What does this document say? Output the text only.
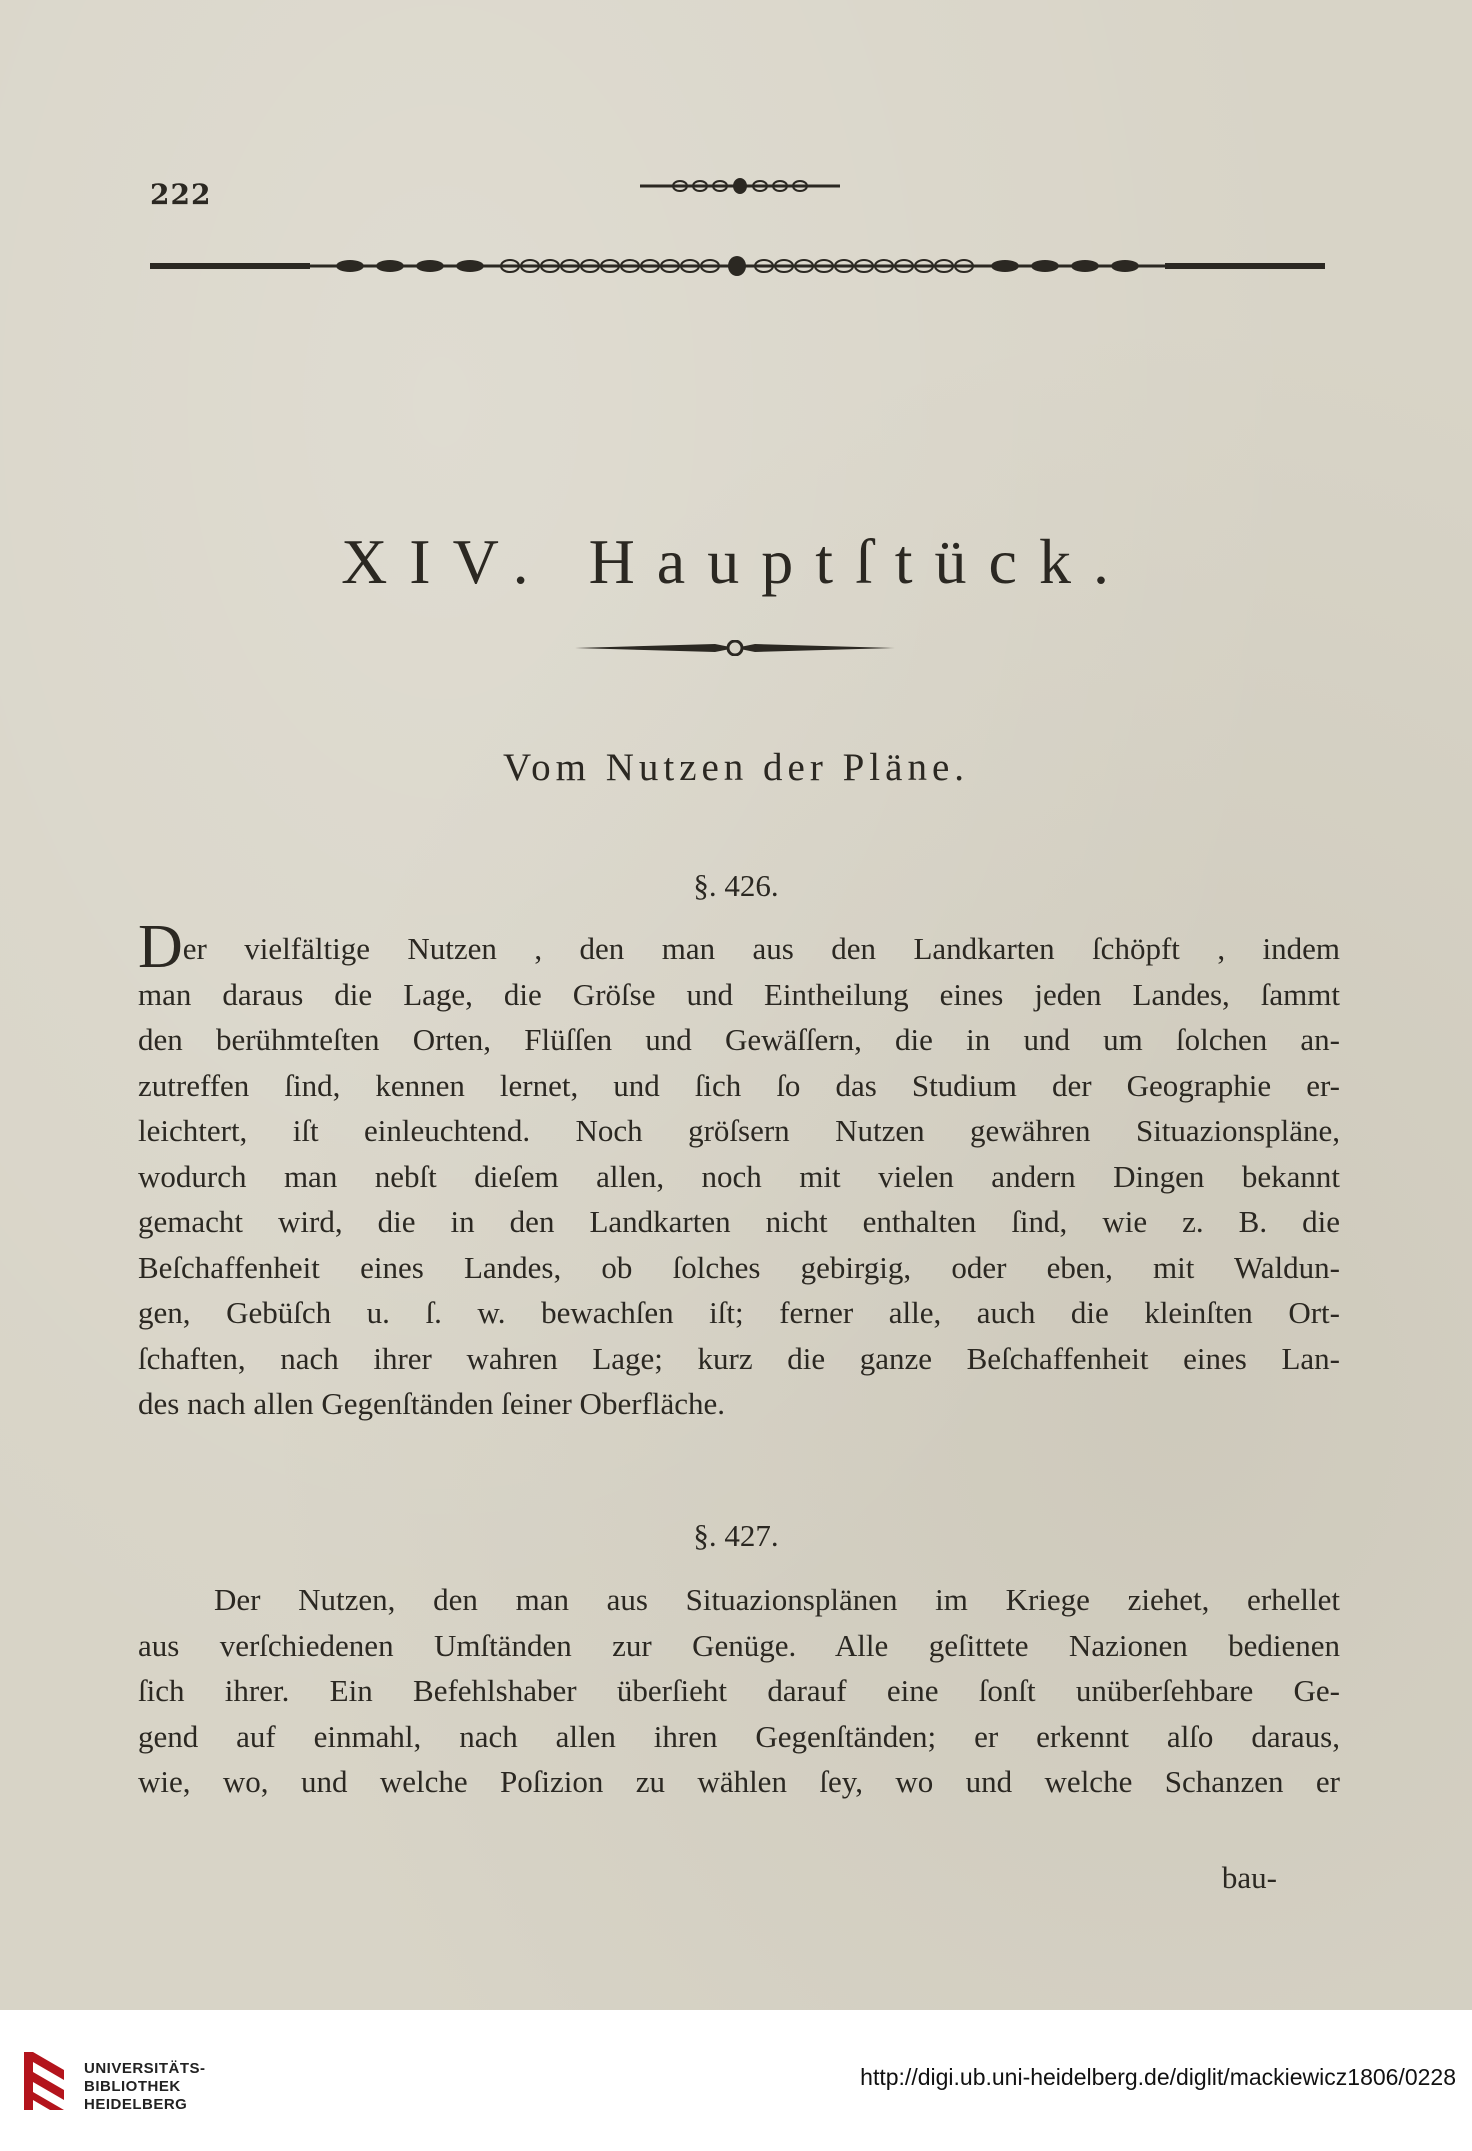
222
XIV. Hauptſtück.
Vom Nutzen der Pläne.
§. 426.
Der vielfältige Nutzen , den man aus den Landkarten ſchöpft , indem
man daraus die Lage, die Gröſse und Eintheilung eines jeden Landes, ſammt
den berühmteſten Orten, Flüſſen und Gewäſſern, die in und um ſolchen an-
zutreffen ſind, kennen lernet, und ſich ſo das Studium der Geographie er-
leichtert, iſt einleuchtend. Noch gröſsern Nutzen gewähren Situazionspläne,
wodurch man nebſt dieſem allen, noch mit vielen andern Dingen bekannt
gemacht wird, die in den Landkarten nicht enthalten ſind, wie z. B. die
Beſchaffenheit eines Landes, ob ſolches gebirgig, oder eben, mit Waldun-
gen, Gebüſch u. ſ. w. bewachſen iſt; ferner alle, auch die kleinſten Ort-
ſchaften, nach ihrer wahren Lage; kurz die ganze Beſchaffenheit eines Lan-
des nach allen Gegenſtänden ſeiner Oberfläche.
§. 427.
Der Nutzen, den man aus Situazionsplänen im Kriege ziehet, erhellet
aus verſchiedenen Umſtänden zur Genüge. Alle geſittete Nazionen bedienen
ſich ihrer. Ein Befehlshaber überſieht darauf eine ſonſt unüberſehbare Ge-
gend auf einmahl, nach allen ihren Gegenſtänden; er erkennt alſo daraus,
wie, wo, und welche Poſizion zu wählen ſey, wo und welche Schanzen er
bau-
UNIVERSITÄTS-
BIBLIOTHEK
HEIDELBERG
http://digi.ub.uni-heidelberg.de/diglit/mackiewicz1806/0228
